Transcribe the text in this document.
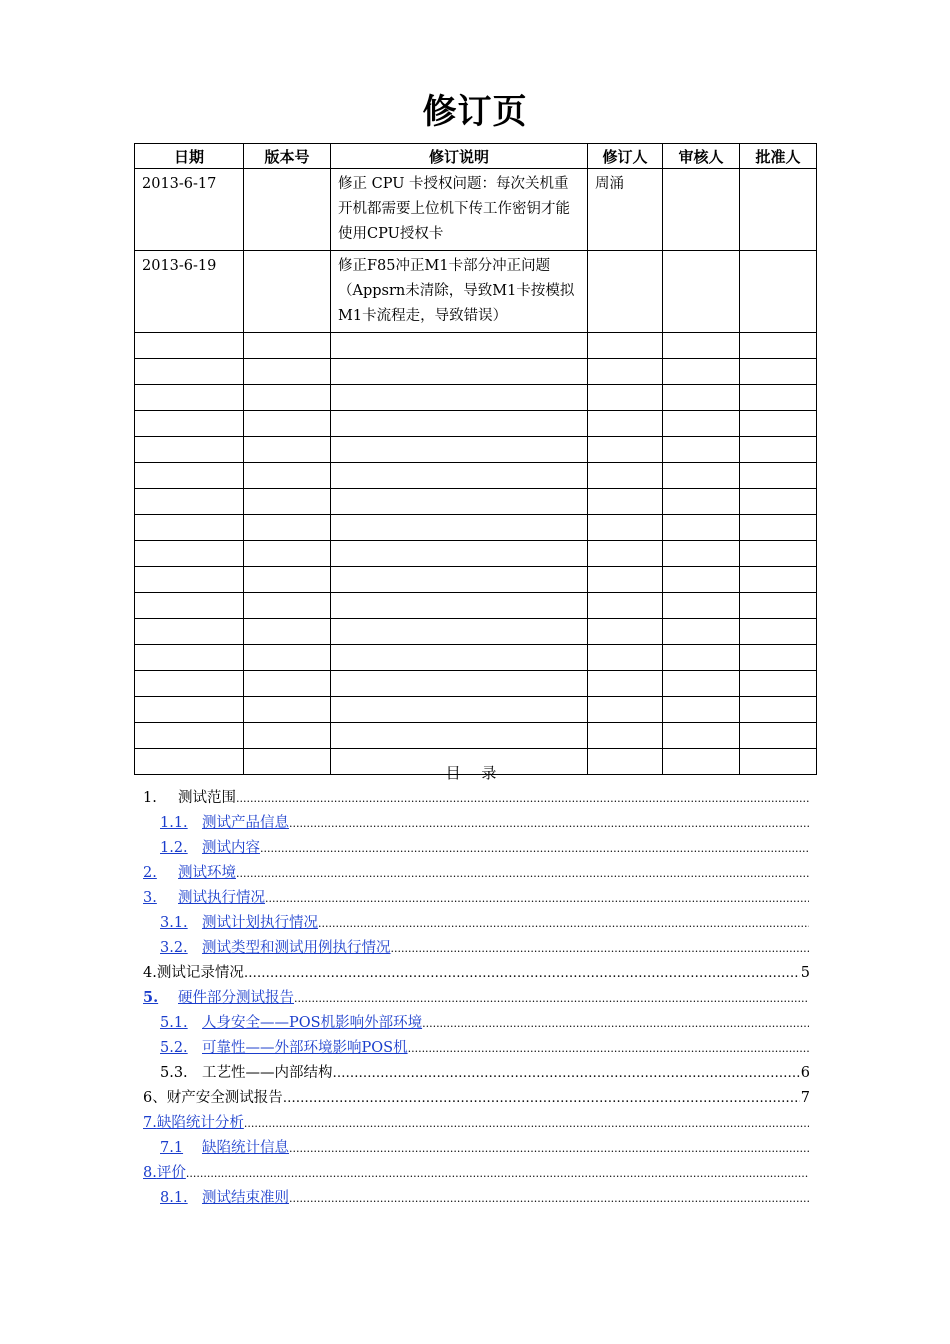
修订页
日期	版本号	修订说明	修订人	审核人	批准人
2013-6-17		修正 CPU 卡授权问题：每次关机重开机都需要上位机下传工作密钥才能使用CPU授权卡	周涌		
2013-6-19		修正F85冲正M1卡部分冲正问题（Appsrn未清除，导致M1卡按模拟M1卡流程走，导致错误）			

目 录
1.	测试范围
.....
1.1. 测试产品信息
.....
1.2. 测试内容
.....
2.	测试环境
.....
3.	测试执行情况
.....
3.1. 测试计划执行情况
.....
3.2. 测试类型和测试用例执行情况
.....
4. 测试记录情况 ……………………………………………………………………………………………………………………………………	5
5.	硬件部分测试报告
.....
5.1. 人身安全——POS机影响外部环境
.....
5.2. 可靠性——外部环境影响POS机
.....
5.3. 工艺性——内部结构 ……………………………………………………………………………………………………………………………………	6
6、 财产安全测试报告 ……………………………………………………………………………………………………………………………………	7
7. 缺陷统计分析
.....
7.1	缺陷统计信息
.....
8. 评价
.....
8.1. 测试结束准则
.....
